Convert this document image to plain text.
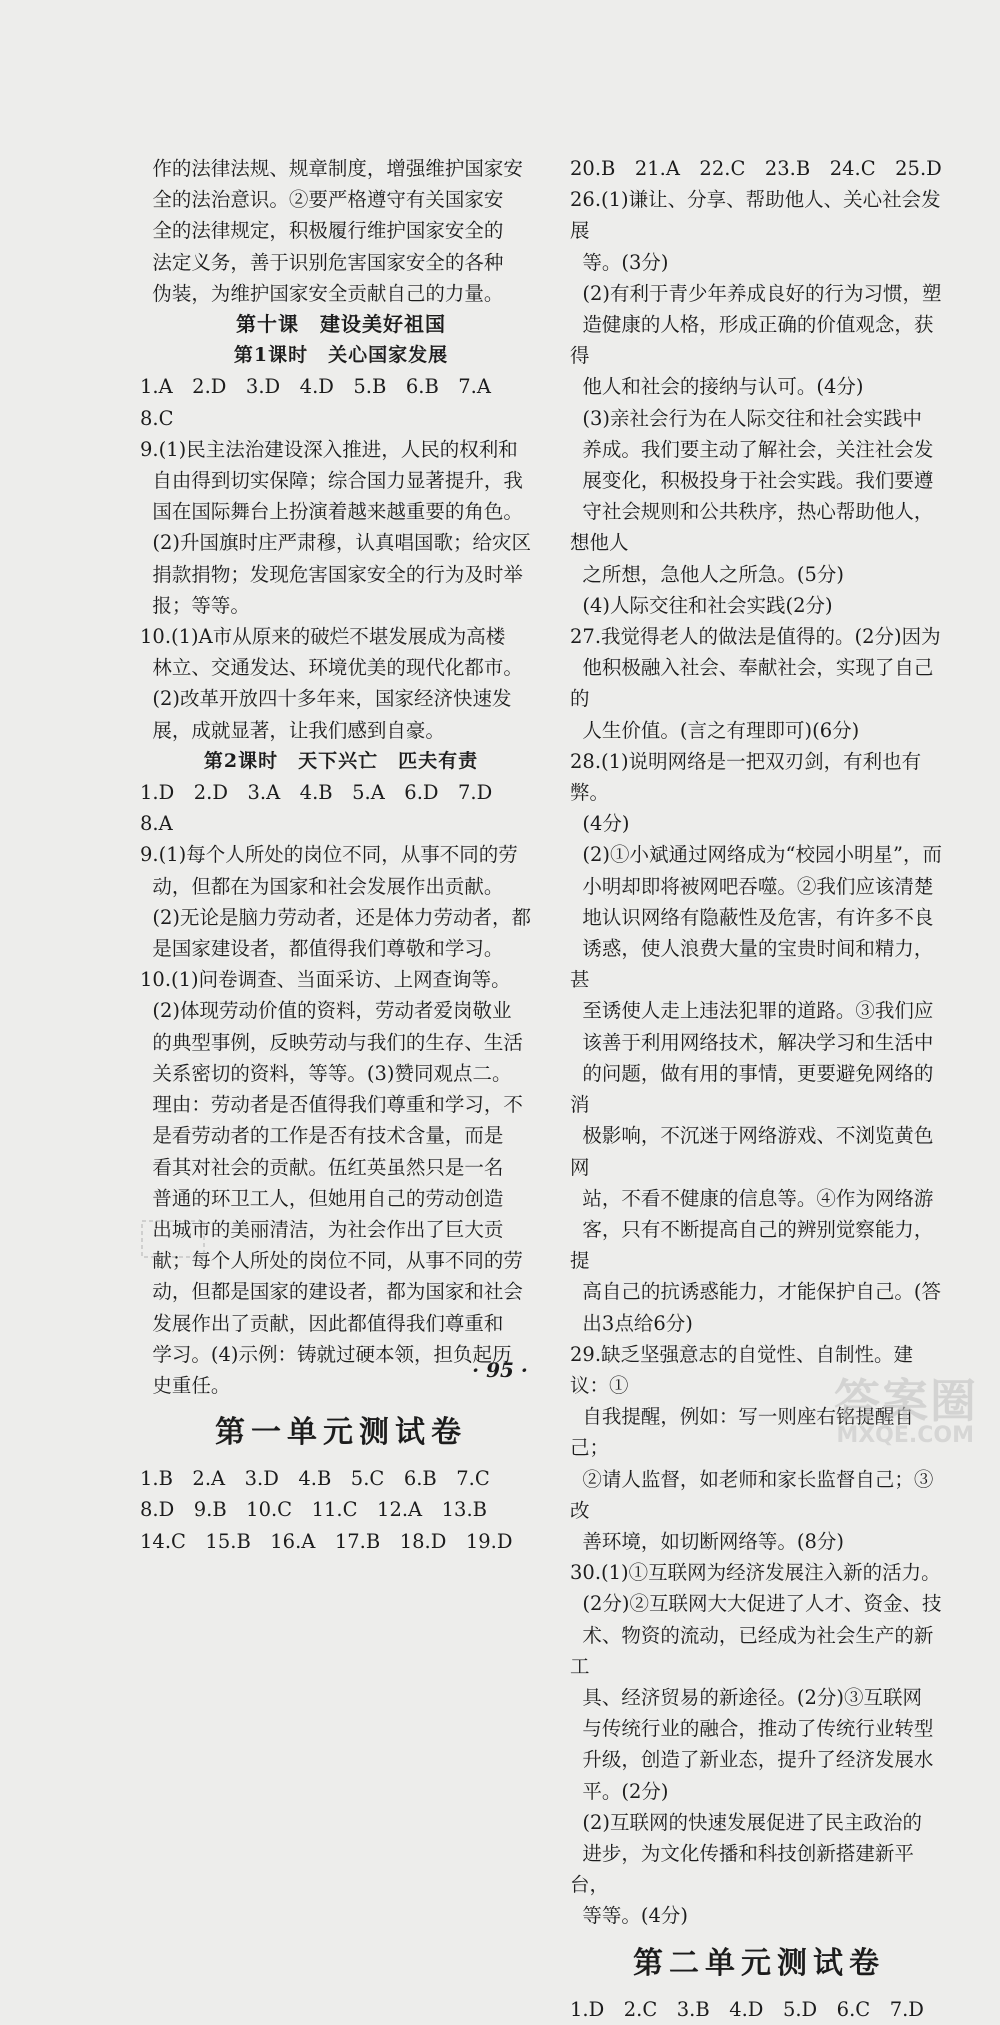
作的法律法规、规章制度，增强维护国家安
全的法治意识。②要严格遵守有关国家安
全的法律规定，积极履行维护国家安全的
法定义务，善于识别危害国家安全的各种
伪装，为维护国家安全贡献自己的力量。
第十课　建设美好祖国
第1课时　关心国家发展
1.A　2.D　3.D　4.D　5.B　6.B　7.A
8.C
9.(1)民主法治建设深入推进，人民的权利和
自由得到切实保障；综合国力显著提升，我
国在国际舞台上扮演着越来越重要的角色。
(2)升国旗时庄严肃穆，认真唱国歌；给灾区
捐款捐物；发现危害国家安全的行为及时举
报；等等。
10.(1)A市从原来的破烂不堪发展成为高楼
林立、交通发达、环境优美的现代化都市。
(2)改革开放四十多年来，国家经济快速发
展，成就显著，让我们感到自豪。
第2课时　天下兴亡　匹夫有责
1.D　2.D　3.A　4.B　5.A　6.D　7.D
8.A
9.(1)每个人所处的岗位不同，从事不同的劳
动，但都在为国家和社会发展作出贡献。
(2)无论是脑力劳动者，还是体力劳动者，都
是国家建设者，都值得我们尊敬和学习。
10.(1)问卷调查、当面采访、上网查询等。
(2)体现劳动价值的资料，劳动者爱岗敬业
的典型事例，反映劳动与我们的生存、生活
关系密切的资料，等等。(3)赞同观点二。
理由：劳动者是否值得我们尊重和学习，不
是看劳动者的工作是否有技术含量，而是
看其对社会的贡献。伍红英虽然只是一名
普通的环卫工人，但她用自己的劳动创造
出城市的美丽清洁，为社会作出了巨大贡
献；每个人所处的岗位不同，从事不同的劳
动，但都是国家的建设者，都为国家和社会
发展作出了贡献，因此都值得我们尊重和
学习。(4)示例：铸就过硬本领，担负起历
史重任。
第一单元测试卷
1.B　2.A　3.D　4.B　5.C　6.B　7.C
8.D　9.B　10.C　11.C　12.A　13.B
14.C　15.B　16.A　17.B　18.D　19.D
20.B　21.A　22.C　23.B　24.C　25.D
26.(1)谦让、分享、帮助他人、关心社会发展
等。(3分)
(2)有利于青少年养成良好的行为习惯，塑
造健康的人格，形成正确的价值观念，获得
他人和社会的接纳与认可。(4分)
(3)亲社会行为在人际交往和社会实践中
养成。我们要主动了解社会，关注社会发
展变化，积极投身于社会实践。我们要遵
守社会规则和公共秩序，热心帮助他人，想他人
之所想，急他人之所急。(5分)
(4)人际交往和社会实践(2分)
27.我觉得老人的做法是值得的。(2分)因为
他积极融入社会、奉献社会，实现了自己的
人生价值。(言之有理即可)(6分)
28.(1)说明网络是一把双刃剑，有利也有弊。
(4分)
(2)①小斌通过网络成为“校园小明星”，而
小明却即将被网吧吞噬。②我们应该清楚
地认识网络有隐蔽性及危害，有许多不良
诱惑，使人浪费大量的宝贵时间和精力，甚
至诱使人走上违法犯罪的道路。③我们应
该善于利用网络技术，解决学习和生活中
的问题，做有用的事情，更要避免网络的消
极影响，不沉迷于网络游戏、不浏览黄色网
站，不看不健康的信息等。④作为网络游
客，只有不断提高自己的辨别觉察能力，提
高自己的抗诱惑能力，才能保护自己。(答
出3点给6分)
29.缺乏坚强意志的自觉性、自制性。建议：①
自我提醒，例如：写一则座右铭提醒自己；
②请人监督，如老师和家长监督自己；③改
善环境，如切断网络等。(8分)
30.(1)①互联网为经济发展注入新的活力。
(2分)②互联网大大促进了人才、资金、技
术、物资的流动，已经成为社会生产的新工
具、经济贸易的新途径。(2分)③互联网
与传统行业的融合，推动了传统行业转型
升级，创造了新业态，提升了经济发展水
平。(2分)
(2)互联网的快速发展促进了民主政治的
进步，为文化传播和科技创新搭建新平台，
等等。(4分)
第二单元测试卷
1.D　2.C　3.B　4.D　5.D　6.C　7.D
· 95 ·
答案圈
MXQE.COM
